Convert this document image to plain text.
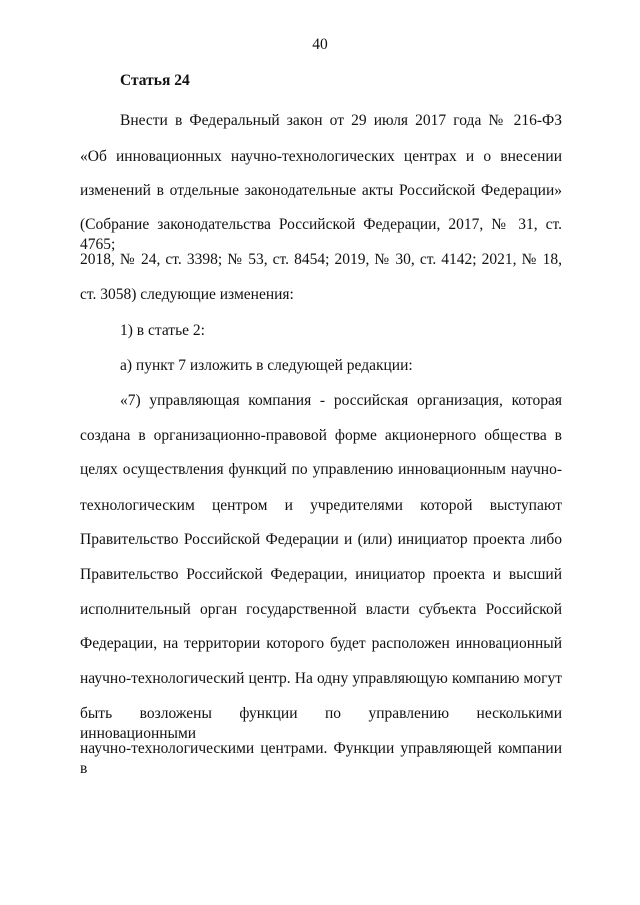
40
Статья 24
Внести в Федеральный закон от 29 июля 2017 года № 216-ФЗ
«Об инновационных научно-технологических центрах и о внесении
изменений в отдельные законодательные акты Российской Федерации»
(Собрание законодательства Российской Федерации, 2017, № 31, ст. 4765;
2018, № 24, ст. 3398; № 53, ст. 8454; 2019, № 30, ст. 4142; 2021, № 18,
ст. 3058) следующие изменения:
1) в статье 2:
а) пункт 7 изложить в следующей редакции:
«7) управляющая компания - российская организация, которая
создана в организационно-правовой форме акционерного общества в
целях осуществления функций по управлению инновационным научно-
технологическим центром и учредителями которой выступают
Правительство Российской Федерации и (или) инициатор проекта либо
Правительство Российской Федерации, инициатор проекта и высший
исполнительный орган государственной власти субъекта Российской
Федерации, на территории которого будет расположен инновационный
научно-технологический центр. На одну управляющую компанию могут
быть возложены функции по управлению несколькими инновационными
научно-технологическими центрами. Функции управляющей компании в
